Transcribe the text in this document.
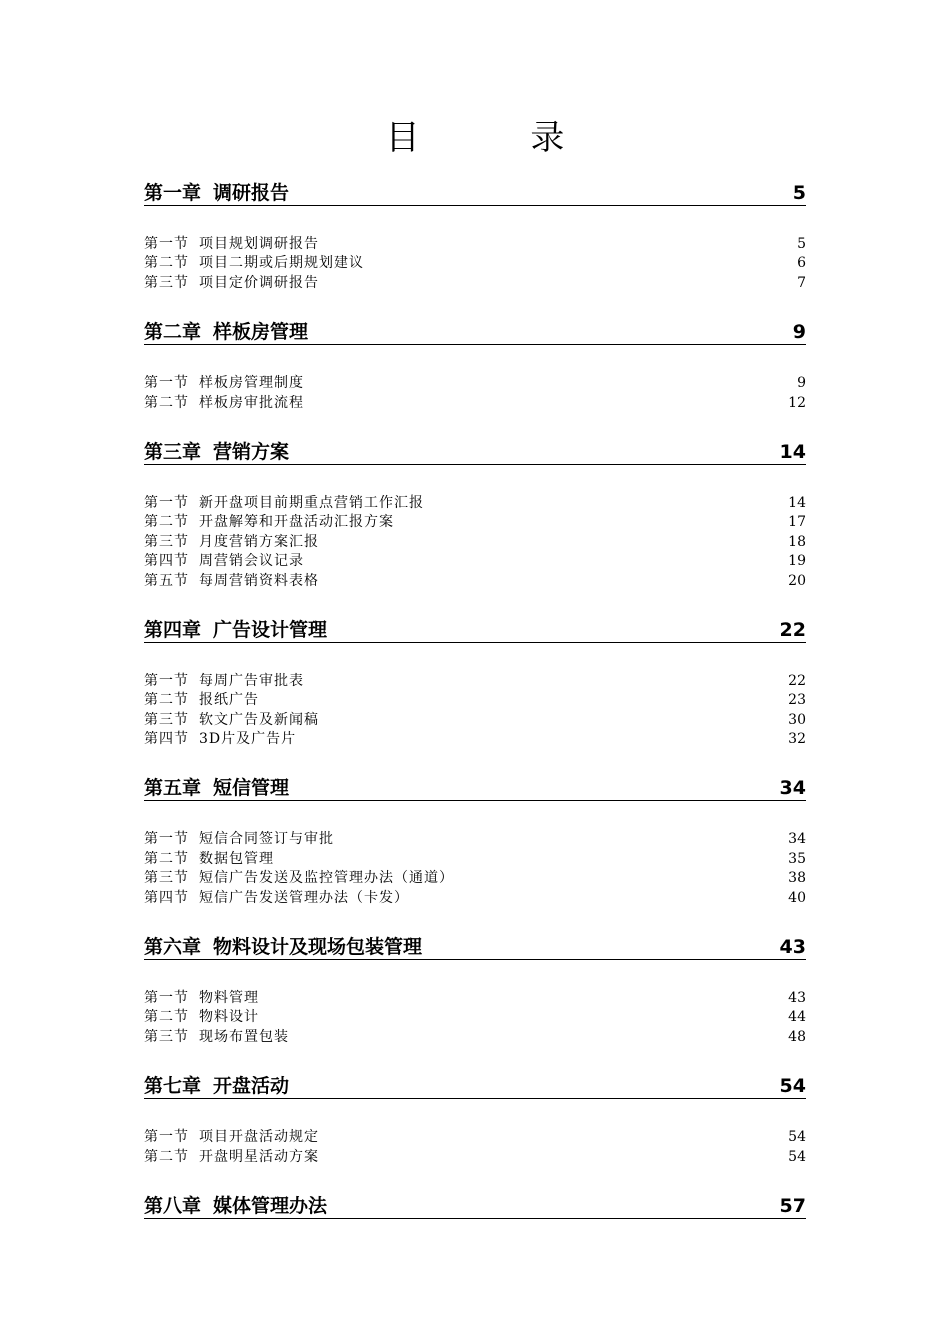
目 录
第一章 调研报告	5
第一节 项目规划调研报告	5
第二节 项目二期或后期规划建议	6
第三节 项目定价调研报告	7
第二章 样板房管理	9
第一节 样板房管理制度	9
第二节 样板房审批流程	12
第三章 营销方案	14
第一节 新开盘项目前期重点营销工作汇报	14
第二节 开盘解筹和开盘活动汇报方案	17
第三节 月度营销方案汇报	18
第四节 周营销会议记录	19
第五节 每周营销资料表格	20
第四章 广告设计管理	22
第一节 每周广告审批表	22
第二节 报纸广告	23
第三节 软文广告及新闻稿	30
第四节 3D片及广告片	32
第五章 短信管理	34
第一节 短信合同签订与审批	34
第二节 数据包管理	35
第三节 短信广告发送及监控管理办法（通道）	38
第四节 短信广告发送管理办法（卡发）	40
第六章 物料设计及现场包装管理	43
第一节 物料管理	43
第二节 物料设计	44
第三节 现场布置包装	48
第七章 开盘活动	54
第一节 项目开盘活动规定	54
第二节 开盘明星活动方案	54
第八章 媒体管理办法	57
